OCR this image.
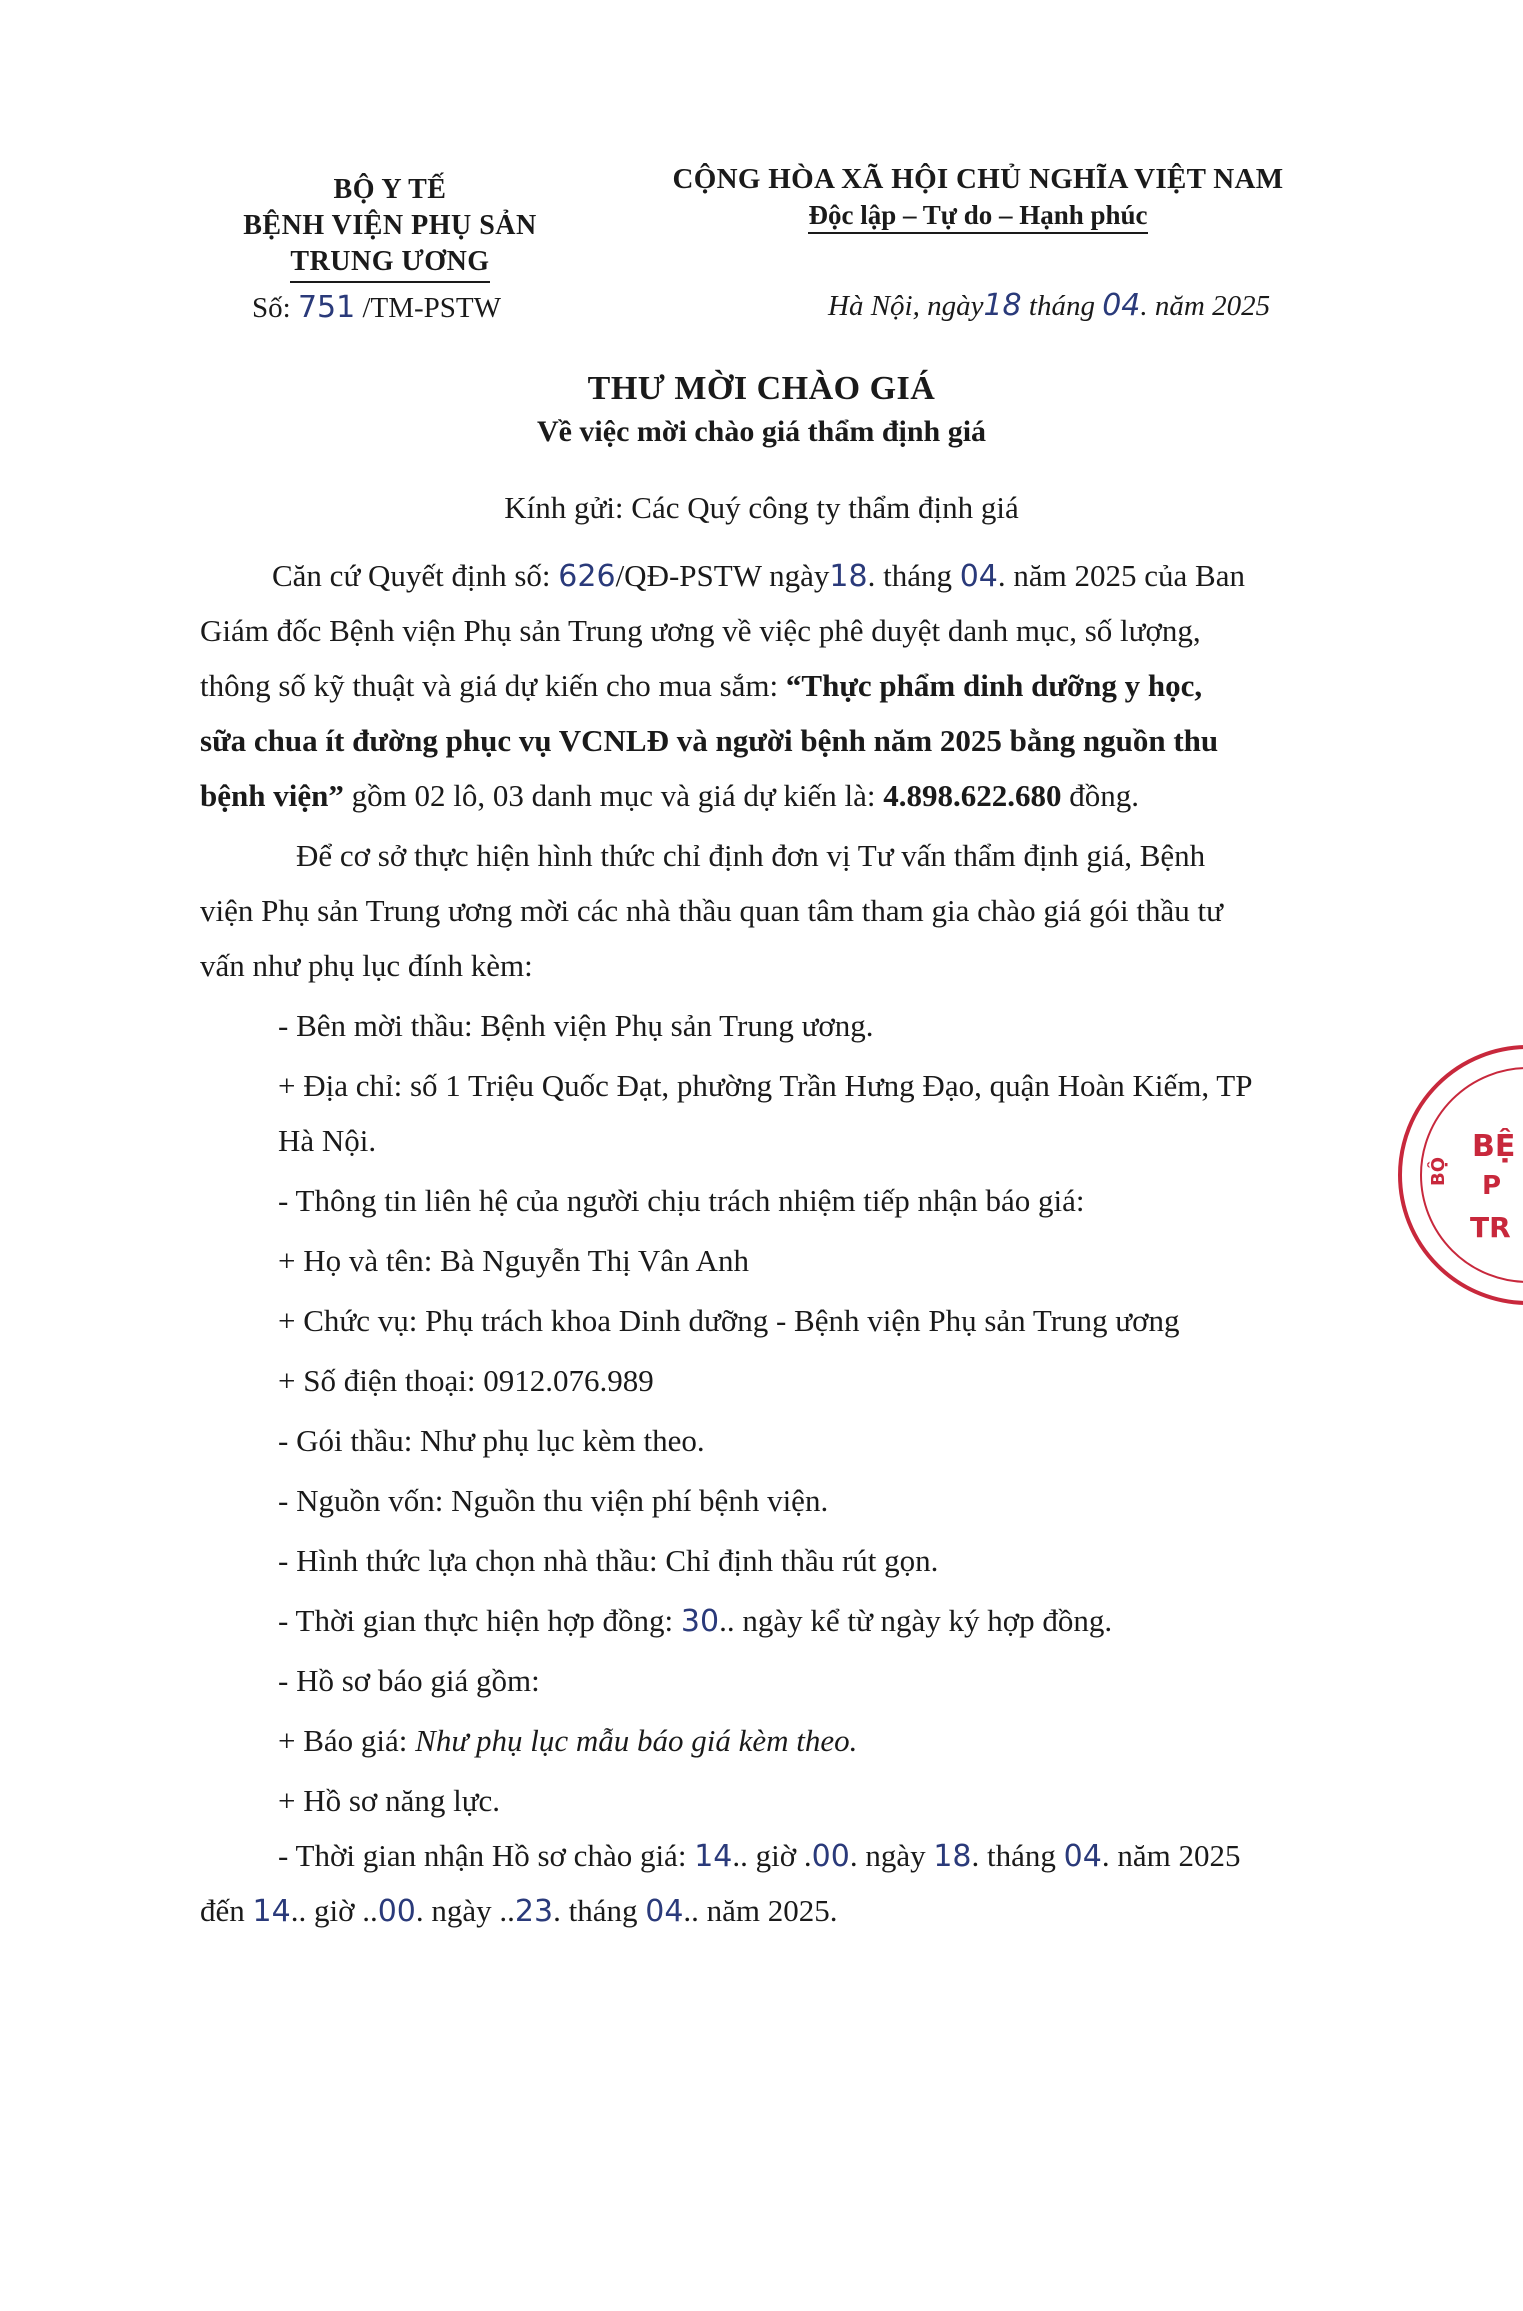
BỘ Y TẾ
BỆNH VIỆN PHỤ SẢN
TRUNG ƯƠNG
CỘNG HÒA XÃ HỘI CHỦ NGHĨA VIỆT NAM
Độc lập – Tự do – Hạnh phúc
Số: 751 /TM-PSTW	Hà Nội, ngày18 tháng 04. năm 2025
THƯ MỜI CHÀO GIÁ
Về việc mời chào giá thẩm định giá
Kính gửi: Các Quý công ty thẩm định giá
Căn cứ Quyết định số: 626/QĐ-PSTW ngày18. tháng 04. năm 2025 của Ban
Giám đốc Bệnh viện Phụ sản Trung ương về việc phê duyệt danh mục, số lượng,
thông số kỹ thuật và giá dự kiến cho mua sắm: “Thực phẩm dinh dưỡng y học,
sữa chua ít đường phục vụ VCNLĐ và người bệnh năm 2025 bằng nguồn thu
bệnh viện” gồm 02 lô, 03 danh mục và giá dự kiến là: 4.898.622.680 đồng.
Để cơ sở thực hiện hình thức chỉ định đơn vị Tư vấn thẩm định giá, Bệnh
viện Phụ sản Trung ương mời các nhà thầu quan tâm tham gia chào giá gói thầu tư
vấn như phụ lục đính kèm:
- Bên mời thầu: Bệnh viện Phụ sản Trung ương.
+ Địa chỉ: số 1 Triệu Quốc Đạt, phường Trần Hưng Đạo, quận Hoàn Kiếm, TP
Hà Nội.
- Thông tin liên hệ của người chịu trách nhiệm tiếp nhận báo giá:
+ Họ và tên: Bà Nguyễn Thị Vân Anh
+ Chức vụ: Phụ trách khoa Dinh dưỡng - Bệnh viện Phụ sản Trung ương
+ Số điện thoại: 0912.076.989
- Gói thầu: Như phụ lục kèm theo.
- Nguồn vốn: Nguồn thu viện phí bệnh viện.
- Hình thức lựa chọn nhà thầu: Chỉ định thầu rút gọn.
- Thời gian thực hiện hợp đồng: 30.. ngày kể từ ngày ký hợp đồng.
- Hồ sơ báo giá gồm:
+ Báo giá: Như phụ lục mẫu báo giá kèm theo.
+ Hồ sơ năng lực.
- Thời gian nhận Hồ sơ chào giá: 14.. giờ .00. ngày 18. tháng 04. năm 2025
đến 14.. giờ ..00. ngày ..23. tháng 04.. năm 2025.
BỆ
P
TR
BỘ
